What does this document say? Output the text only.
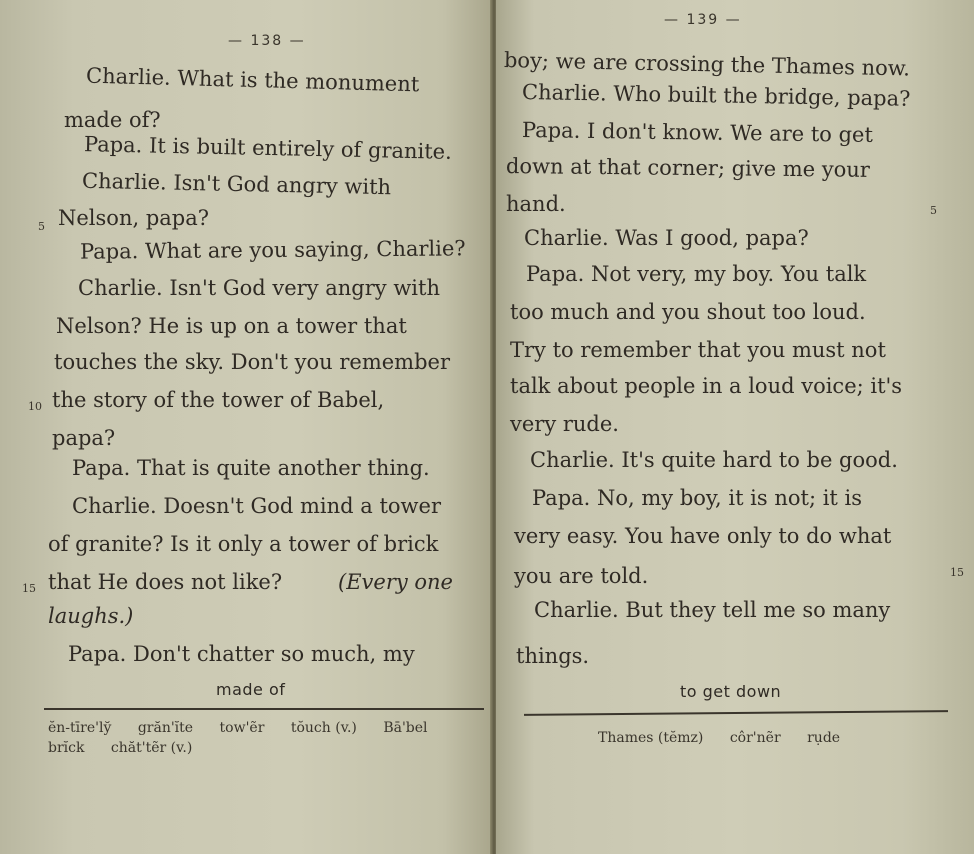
— 138 —
Charlie. What is the monument
made of?
Papa. It is built entirely of granite.
Charlie. Isn't God angry with
Nelson, papa?
Papa. What are you saying, Charlie?
Charlie. Isn't God very angry with
Nelson? He is up on a tower that
touches the sky. Don't you remember
the story of the tower of Babel,
papa?
Papa. That is quite another thing.
Charlie. Doesn't God mind a tower
of granite? Is it only a tower of brick
that He does not like?	(Every one
laughs.)
Papa. Don't chatter so much, my
5
10
15
made of
ĕn-tīre'ly̆ grăn'ĭte tow'ẽr tŏuch (v.) Bā'bel
brĭck chăt'tẽr (v.)
— 139 —
boy; we are crossing the Thames now.
Charlie. Who built the bridge, papa?
Papa. I don't know. We are to get
down at that corner; give me your
hand.
Charlie. Was I good, papa?
Papa. Not very, my boy. You talk
too much and you shout too loud.
Try to remember that you must not
talk about people in a loud voice; it's
very rude.
Charlie. It's quite hard to be good.
Papa. No, my boy, it is not; it is
very easy. You have only to do what
you are told.
Charlie. But they tell me so many
things.
5
15
to get down
Thames (tĕmz) côr'nẽr rụde
